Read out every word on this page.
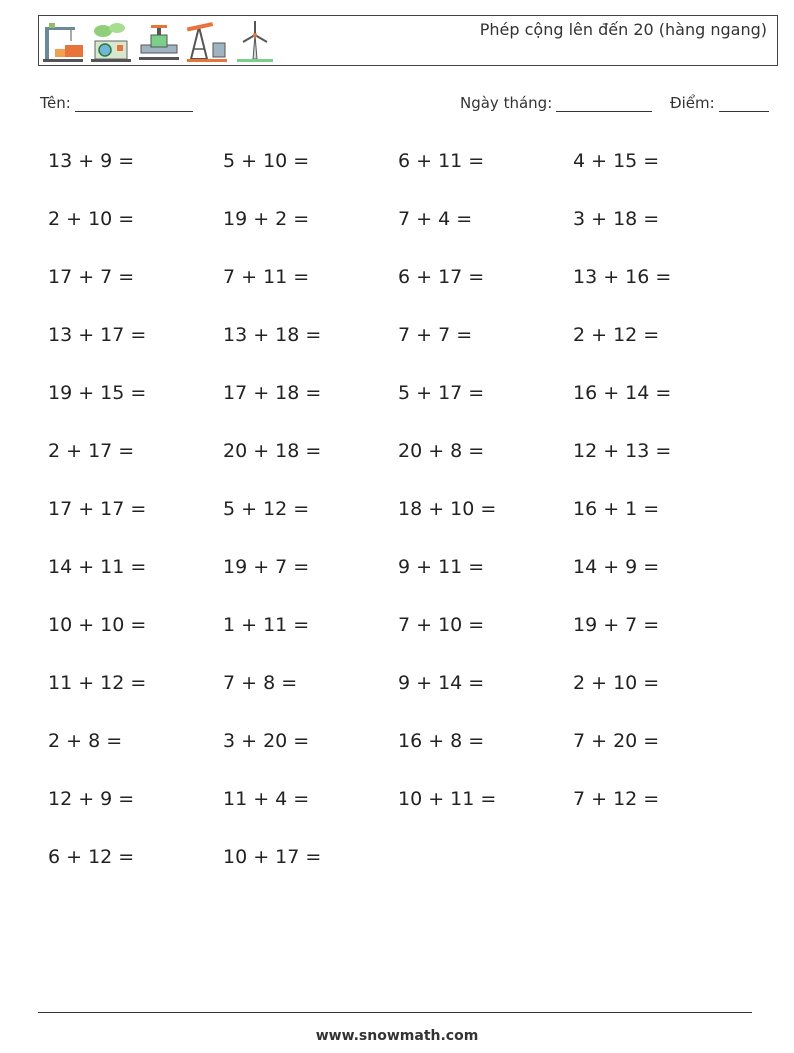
Phép cộng lên đến 20 (hàng ngang)
Tên:	Ngày tháng:	Điểm:
13 + 9 =	5 + 10 =	6 + 11 =	4 + 15 =
2 + 10 =	19 + 2 =	7 + 4 =	3 + 18 =
17 + 7 =	7 + 11 =	6 + 17 =	13 + 16 =
13 + 17 =	13 + 18 =	7 + 7 =	2 + 12 =
19 + 15 =	17 + 18 =	5 + 17 =	16 + 14 =
2 + 17 =	20 + 18 =	20 + 8 =	12 + 13 =
17 + 17 =	5 + 12 =	18 + 10 =	16 + 1 =
14 + 11 =	19 + 7 =	9 + 11 =	14 + 9 =
10 + 10 =	1 + 11 =	7 + 10 =	19 + 7 =
11 + 12 =	7 + 8 =	9 + 14 =	2 + 10 =
2 + 8 =	3 + 20 =	16 + 8 =	7 + 20 =
12 + 9 =	11 + 4 =	10 + 11 =	7 + 12 =
6 + 12 =	10 + 17 =
www.snowmath.com
